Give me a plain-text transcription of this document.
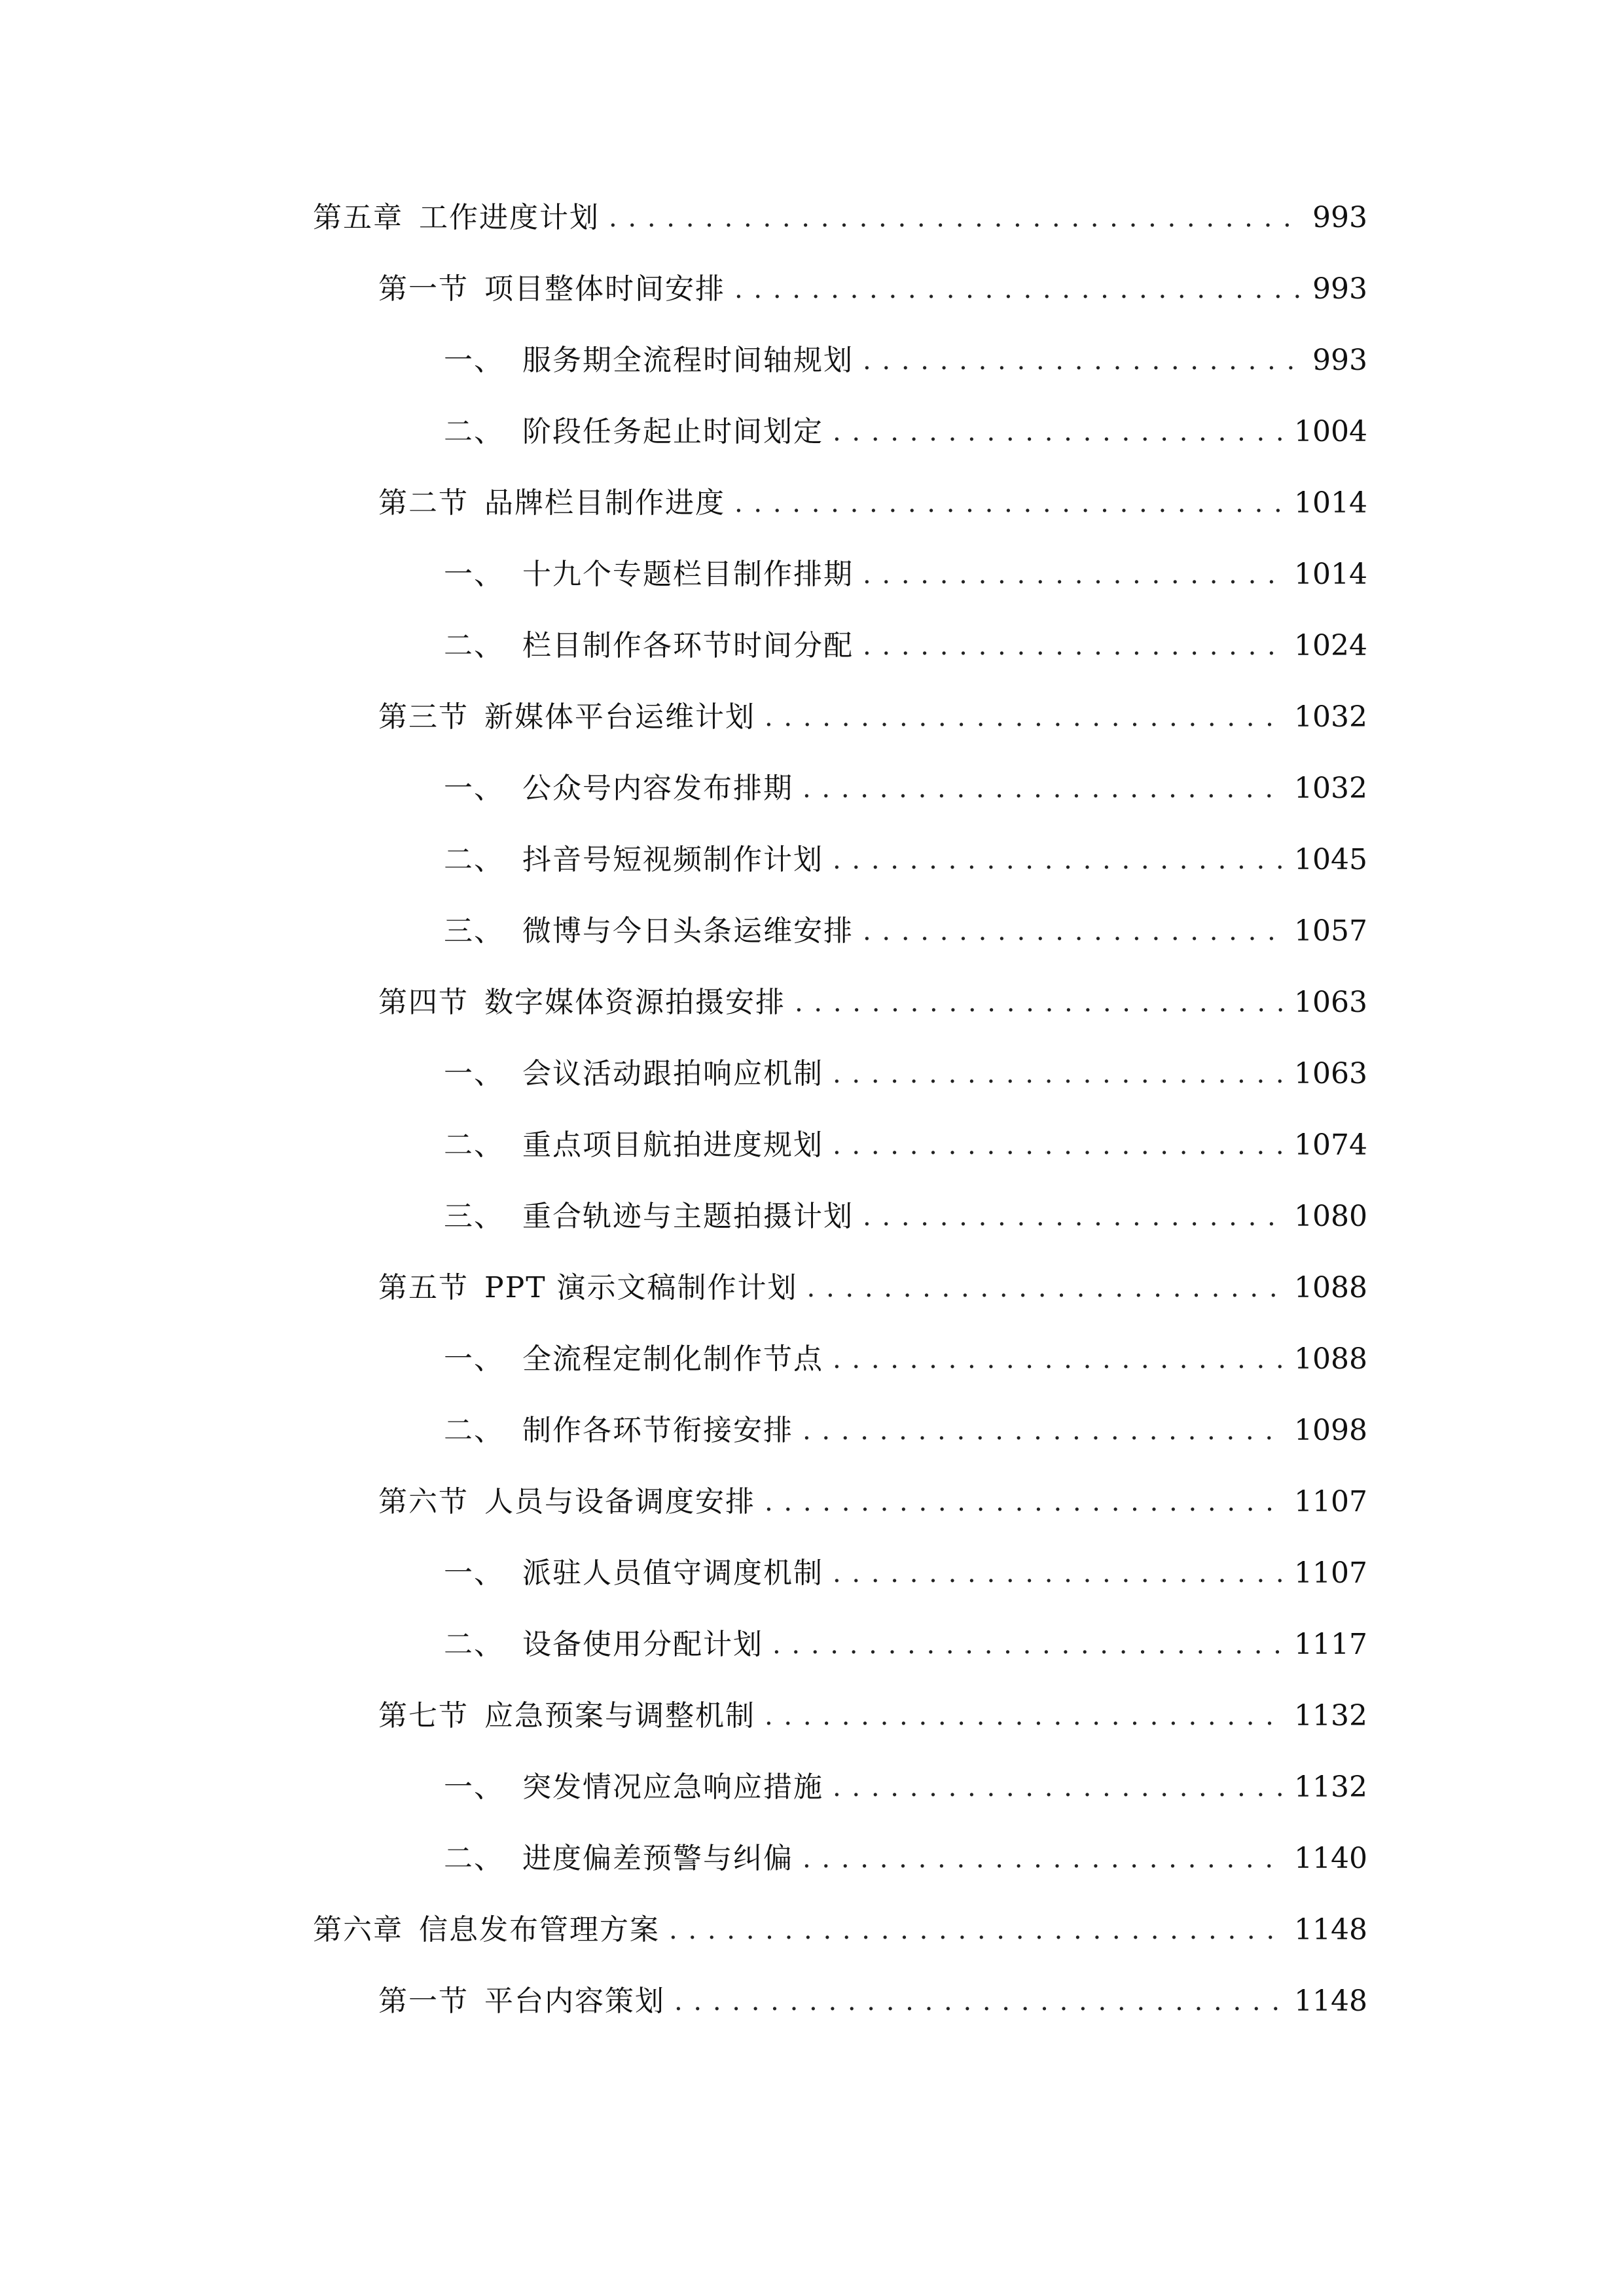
第五章  工作进度计划 . . .	993
第一节  项目整体时间安排 . . .	993
一、 服务期全流程时间轴规划 . . .	993
二、 阶段任务起止时间划定 . . .	1004
第二节  品牌栏目制作进度 . . .	1014
一、 十九个专题栏目制作排期 . . .	1014
二、 栏目制作各环节时间分配 . . .	1024
第三节  新媒体平台运维计划 . . .	1032
一、 公众号内容发布排期 . . .	1032
二、 抖音号短视频制作计划 . . .	1045
三、 微博与今日头条运维安排 . . .	1057
第四节  数字媒体资源拍摄安排 . . .	1063
一、 会议活动跟拍响应机制 . . .	1063
二、 重点项目航拍进度规划 . . .	1074
三、 重合轨迹与主题拍摄计划 . . .	1080
第五节  PPT 演示文稿制作计划 . . .	1088
一、 全流程定制化制作节点 . . .	1088
二、 制作各环节衔接安排 . . .	1098
第六节  人员与设备调度安排 . . .	1107
一、 派驻人员值守调度机制 . . .	1107
二、 设备使用分配计划 . . .	1117
第七节  应急预案与调整机制 . . .	1132
一、 突发情况应急响应措施 . . .	1132
二、 进度偏差预警与纠偏 . . .	1140
第六章  信息发布管理方案 . . .	1148
第一节  平台内容策划 . . .	1148
